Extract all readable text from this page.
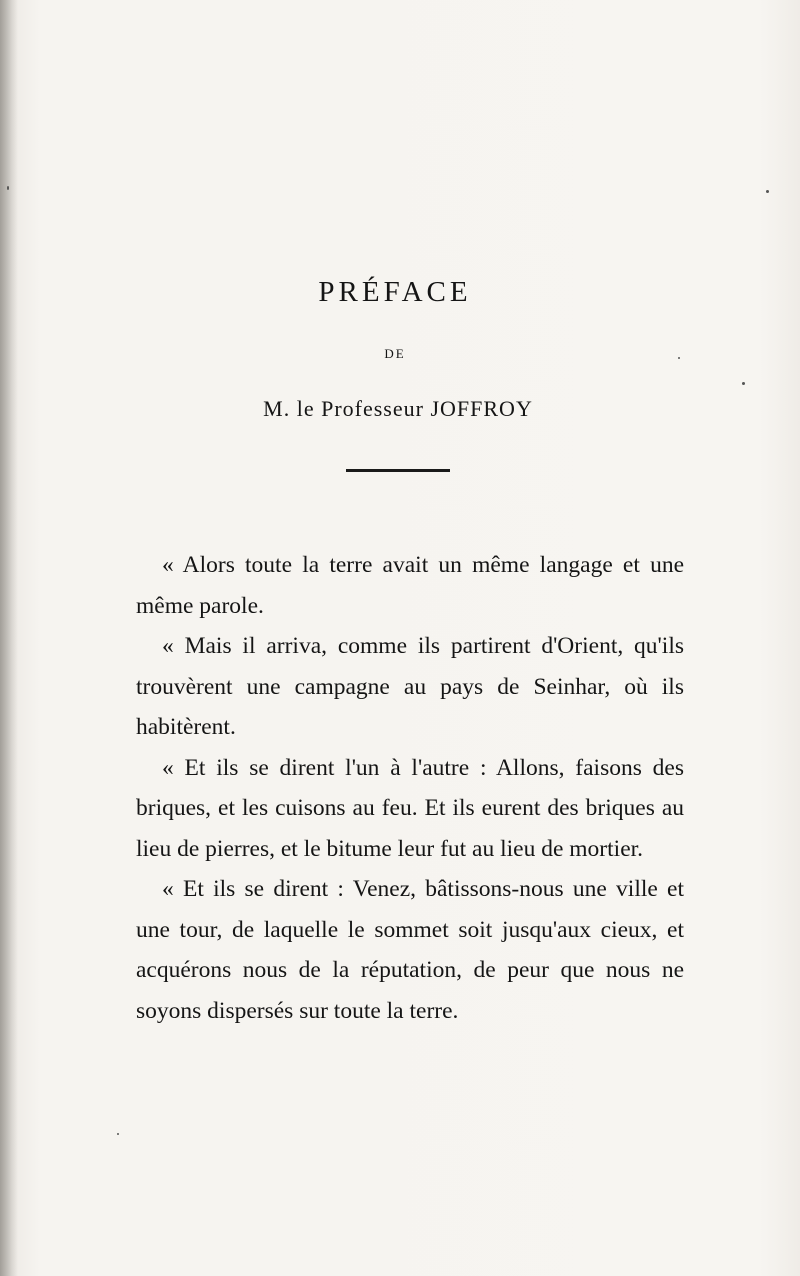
PRÉFACE
DE
M. le Professeur JOFFROY

« Alors toute la terre avait un même langage et une même parole.

« Mais il arriva, comme ils partirent d'Orient, qu'ils trouvèrent une campagne au pays de Seinhar, où ils habitèrent.

« Et ils se dirent l'un à l'autre : Allons, faisons des briques, et les cuisons au feu. Et ils eurent des briques au lieu de pierres, et le bitume leur fut au lieu de mortier.

« Et ils se dirent : Venez, bâtissons-nous une ville et une tour, de laquelle le sommet soit jusqu'aux cieux, et acquérons nous de la réputation, de peur que nous ne soyons dispersés sur toute la terre.
